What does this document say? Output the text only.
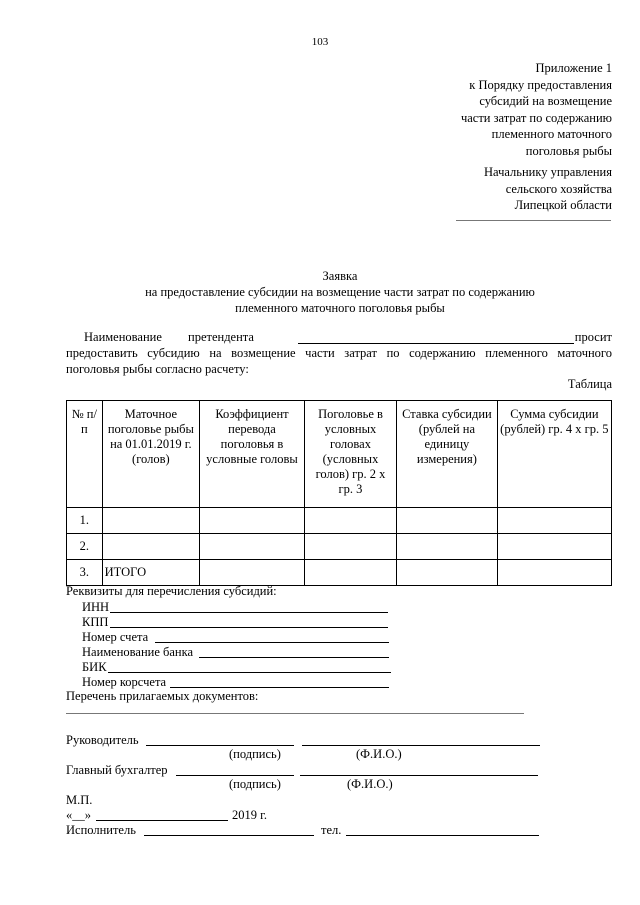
103
Приложение 1
к Порядку предоставления
субсидий на возмещение
части затрат по содержанию
племенного маточного
поголовья рыбы
Начальнику управления
сельского хозяйства
Липецкой области
Заявка
на предоставление субсидии на возмещение части затрат по содержанию
племенного маточного поголовья рыбы
Наименование претендента	просит
предоставить субсидию на возмещение части затрат по содержанию племенного маточного
поголовья рыбы согласно расчету:
Таблица
№ п/п	Маточное поголовье рыбы на 01.01.2019 г. (голов)	Коэффициент перевода поголовья в условные головы	Поголовье в условных головах (условных голов) гр. 2 x гр. 3	Ставка субсидии (рублей на единицу измерения)	Сумма субсидии (рублей) гр. 4 x гр. 5
1.					
2.					
3.	ИТОГО				
Реквизиты для перечисления субсидий:
ИНН
КПП
Номер счета
Наименование банка
БИК
Номер корсчета
Перечень прилагаемых документов:
Руководитель
(подпись)	(Ф.И.О.)
Главный бухгалтер
(подпись)	(Ф.И.О.)
М.П.
«__»	2019 г.
Исполнитель	тел.
